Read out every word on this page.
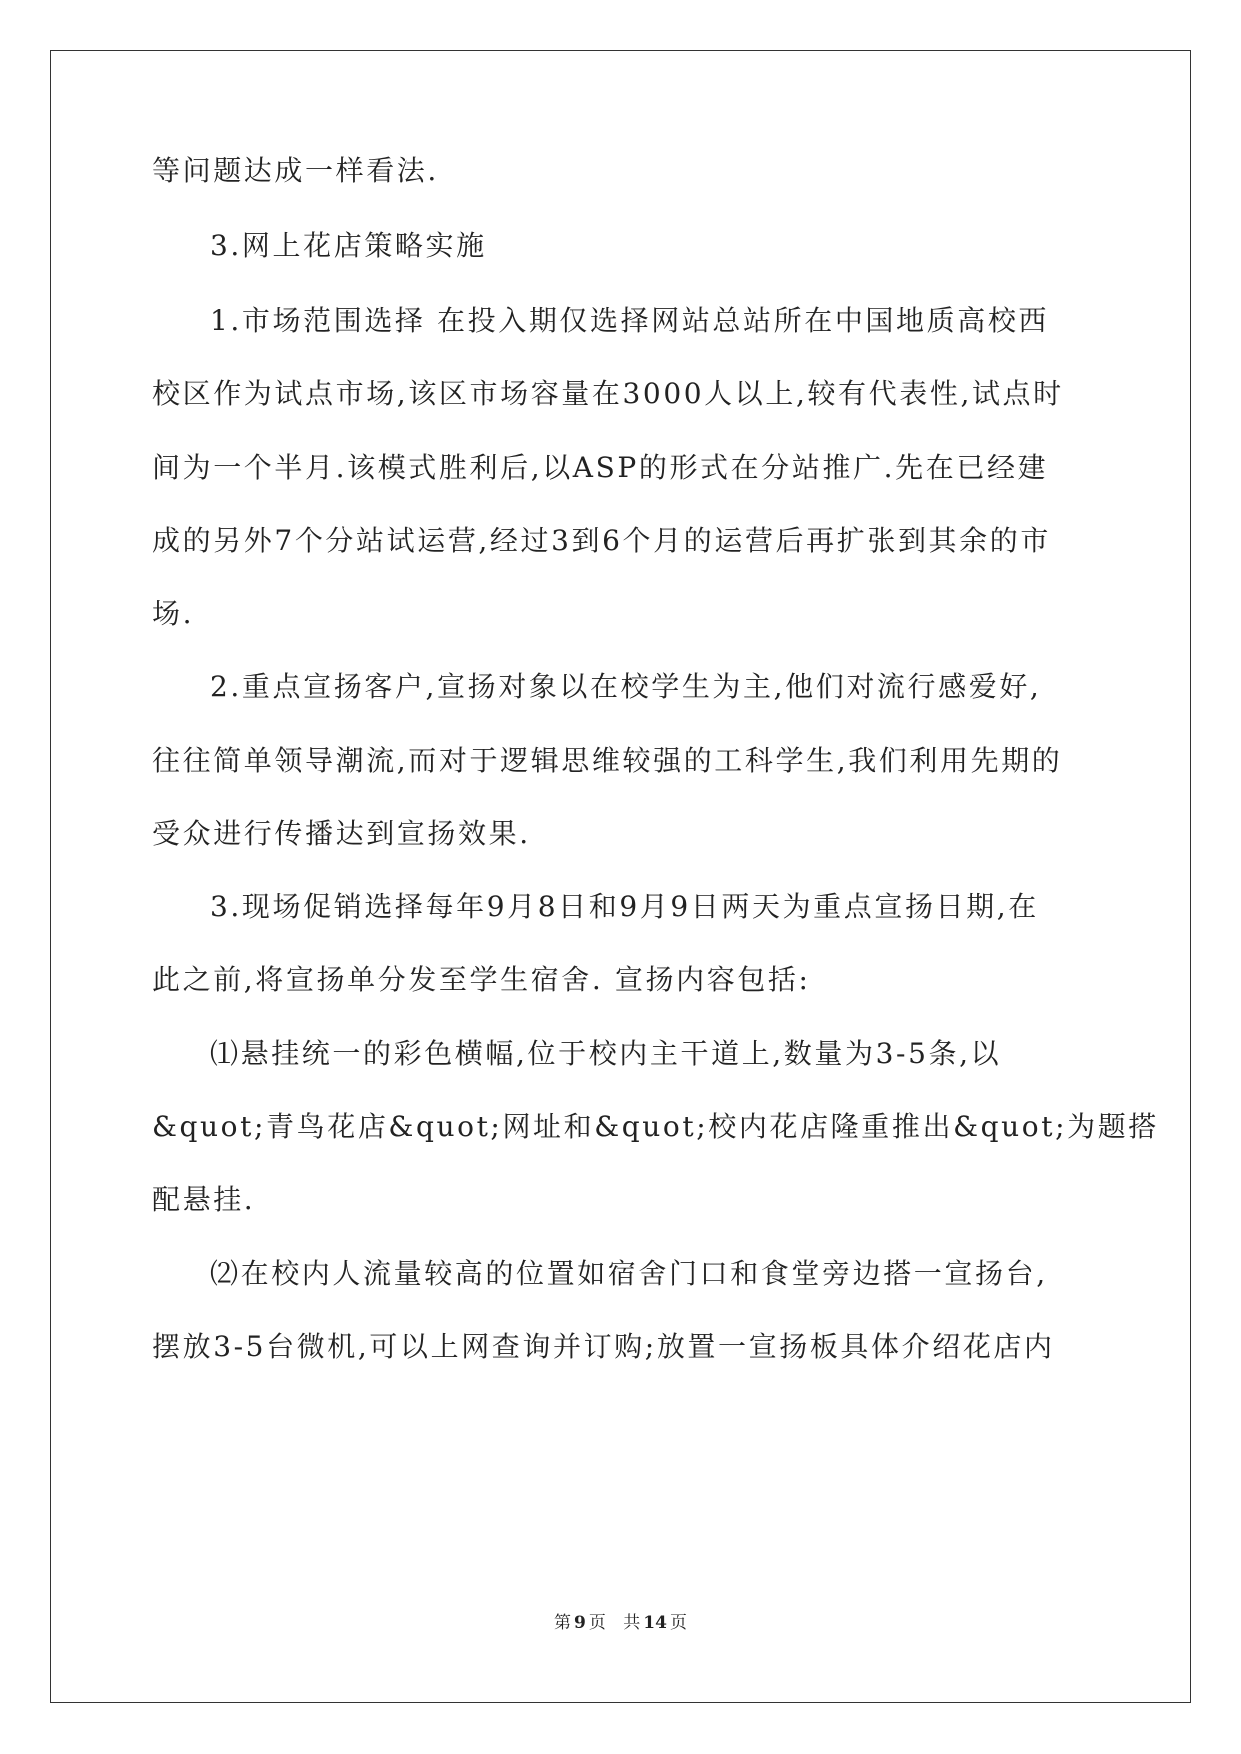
等问题达成一样看法.
3.网上花店策略实施
1.市场范围选择 在投入期仅选择网站总站所在中国地质高校西
校区作为试点市场,该区市场容量在3000人以上,较有代表性,试点时
间为一个半月.该模式胜利后,以ASP的形式在分站推广.先在已经建
成的另外7个分站试运营,经过3到6个月的运营后再扩张到其余的市
场.
2.重点宣扬客户,宣扬对象以在校学生为主,他们对流行感爱好,
往往简单领导潮流,而对于逻辑思维较强的工科学生,我们利用先期的
受众进行传播达到宣扬效果.
3.现场促销选择每年9月8日和9月9日两天为重点宣扬日期,在
此之前,将宣扬单分发至学生宿舍. 宣扬内容包括:
⑴悬挂统一的彩色横幅,位于校内主干道上,数量为3-5条,以
&quot;青鸟花店&quot;网址和&quot;校内花店隆重推出&quot;为题搭
配悬挂.
⑵在校内人流量较高的位置如宿舍门口和食堂旁边搭一宣扬台,
摆放3-5台微机,可以上网查询并订购;放置一宣扬板具体介绍花店内
第 9 页 共 14 页
